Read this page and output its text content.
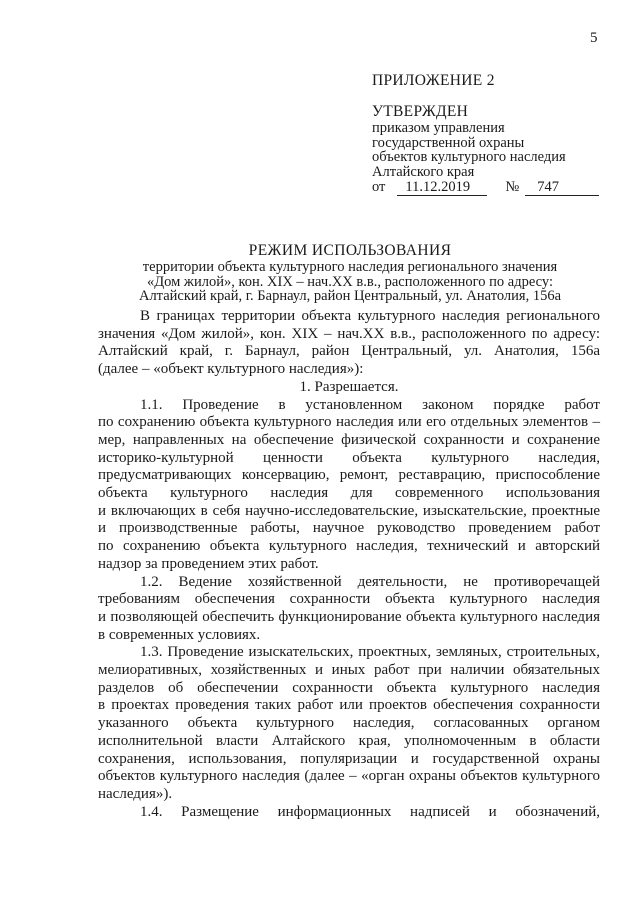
5
ПРИЛОЖЕНИЕ 2
УТВЕРЖДЕН
приказом управления
государственной охраны
объектов культурного наследия
Алтайского края
от	11.12.2019	№	747
РЕЖИМ ИСПОЛЬЗОВАНИЯ
территории объекта культурного наследия регионального значения
«Дом жилой», кон. XIX – нач.XX в.в., расположенного по адресу:
Алтайский край, г. Барнаул, район Центральный, ул. Анатолия, 156а

В границах территории объекта культурного наследия регионального

значения «Дом жилой», кон. XIX – нач.XX в.в., расположенного по адресу:

Алтайский край, г. Барнаул, район Центральный, ул. Анатолия, 156а

(далее – «объект культурного наследия»):

1. Разрешается.

1.1. Проведение в установленном законом порядке работ

по сохранению объекта культурного наследия или его отдельных элементов –

мер, направленных на обеспечение физической сохранности и сохранение

историко-культурной ценности объекта культурного наследия,

предусматривающих консервацию, ремонт, реставрацию, приспособление

объекта культурного наследия для современного использования

и включающих в себя научно-исследовательские, изыскательские, проектные

и производственные работы, научное руководство проведением работ

по сохранению объекта культурного наследия, технический и авторский

надзор за проведением этих работ.

1.2. Ведение хозяйственной деятельности, не противоречащей

требованиям обеспечения сохранности объекта культурного наследия

и позволяющей обеспечить функционирование объекта культурного наследия

в современных условиях.

1.3. Проведение изыскательских, проектных, земляных, строительных,

мелиоративных, хозяйственных и иных работ при наличии обязательных

разделов об обеспечении сохранности объекта культурного наследия

в проектах проведения таких работ или проектов обеспечения сохранности

указанного объекта культурного наследия, согласованных органом

исполнительной власти Алтайского края, уполномоченным в области

сохранения, использования, популяризации и государственной охраны

объектов культурного наследия (далее – «орган охраны объектов культурного

наследия»).

1.4. Размещение информационных надписей и обозначений,
